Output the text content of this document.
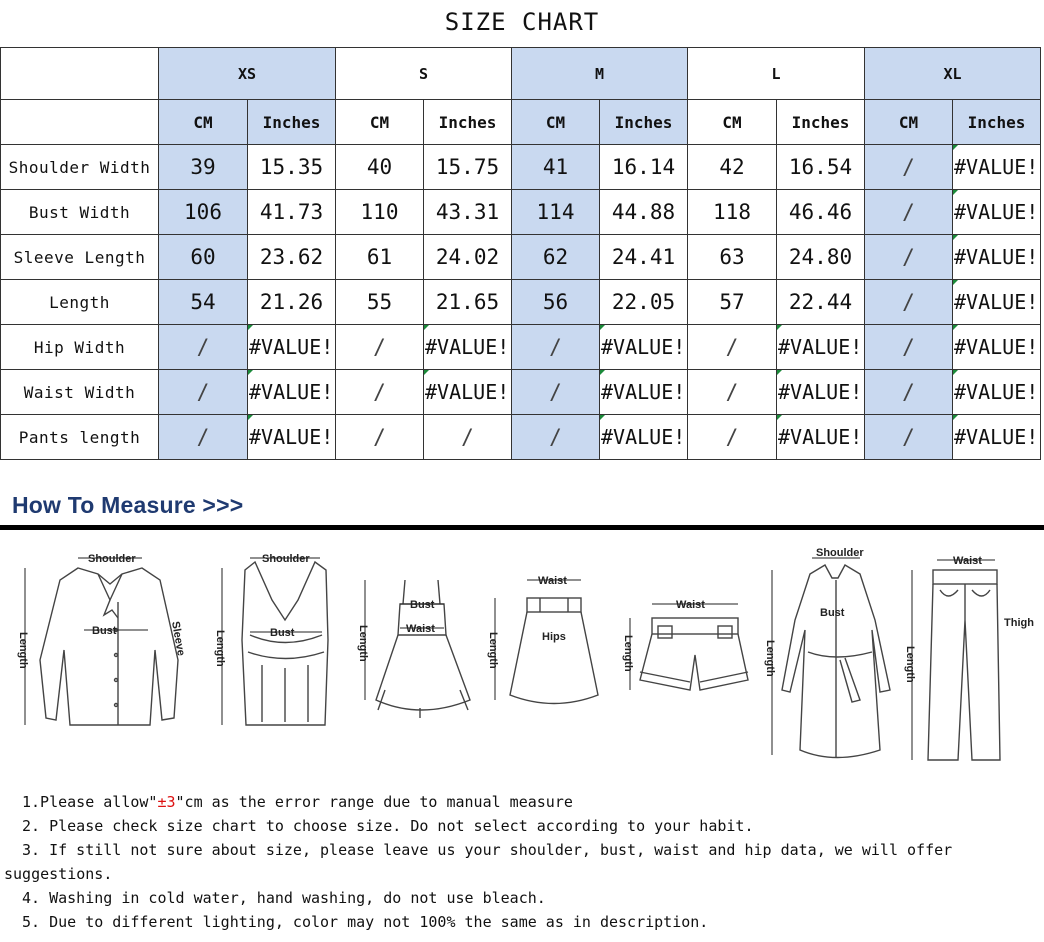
SIZE CHART
	XS		S		M		L		XL	
	CM	Inches	CM	Inches	CM	Inches	CM	Inches	CM	Inches
Shoulder Width	39	15.35	40	15.75	41	16.14	42	16.54	/	#VALUE!
Bust Width	106	41.73	110	43.31	114	44.88	118	46.46	/	#VALUE!
Sleeve Length	60	23.62	61	24.02	62	24.41	63	24.80	/	#VALUE!
Length	54	21.26	55	21.65	56	22.05	57	22.44	/	#VALUE!
Hip Width	/	#VALUE!	/	#VALUE!	/	#VALUE!	/	#VALUE!	/	#VALUE!
Waist Width	/	#VALUE!	/	#VALUE!	/	#VALUE!	/	#VALUE!	/	#VALUE!
Pants length	/	#VALUE!	/	/	/	#VALUE!	/	#VALUE!	/	#VALUE!
How To Measure >>>
Shoulder
Bust
Length	Sleeve
Shoulder
Bust
Length
Bust
Waist
Length
Waist
Hips
Length
Waist
Length
Shoulder
Bust
Length
Waist
Thigh
Length
1.Please allow"±3"cm as the error range due to manual measure
2. Please check size chart to choose size. Do not select according to your habit.
3. If still not sure about size, please leave us your shoulder, bust, waist and hip data, we will offer suggestions.
4. Washing in cold water, hand washing, do not use bleach.
5. Due to different lighting, color may not 100% the same as in description.
